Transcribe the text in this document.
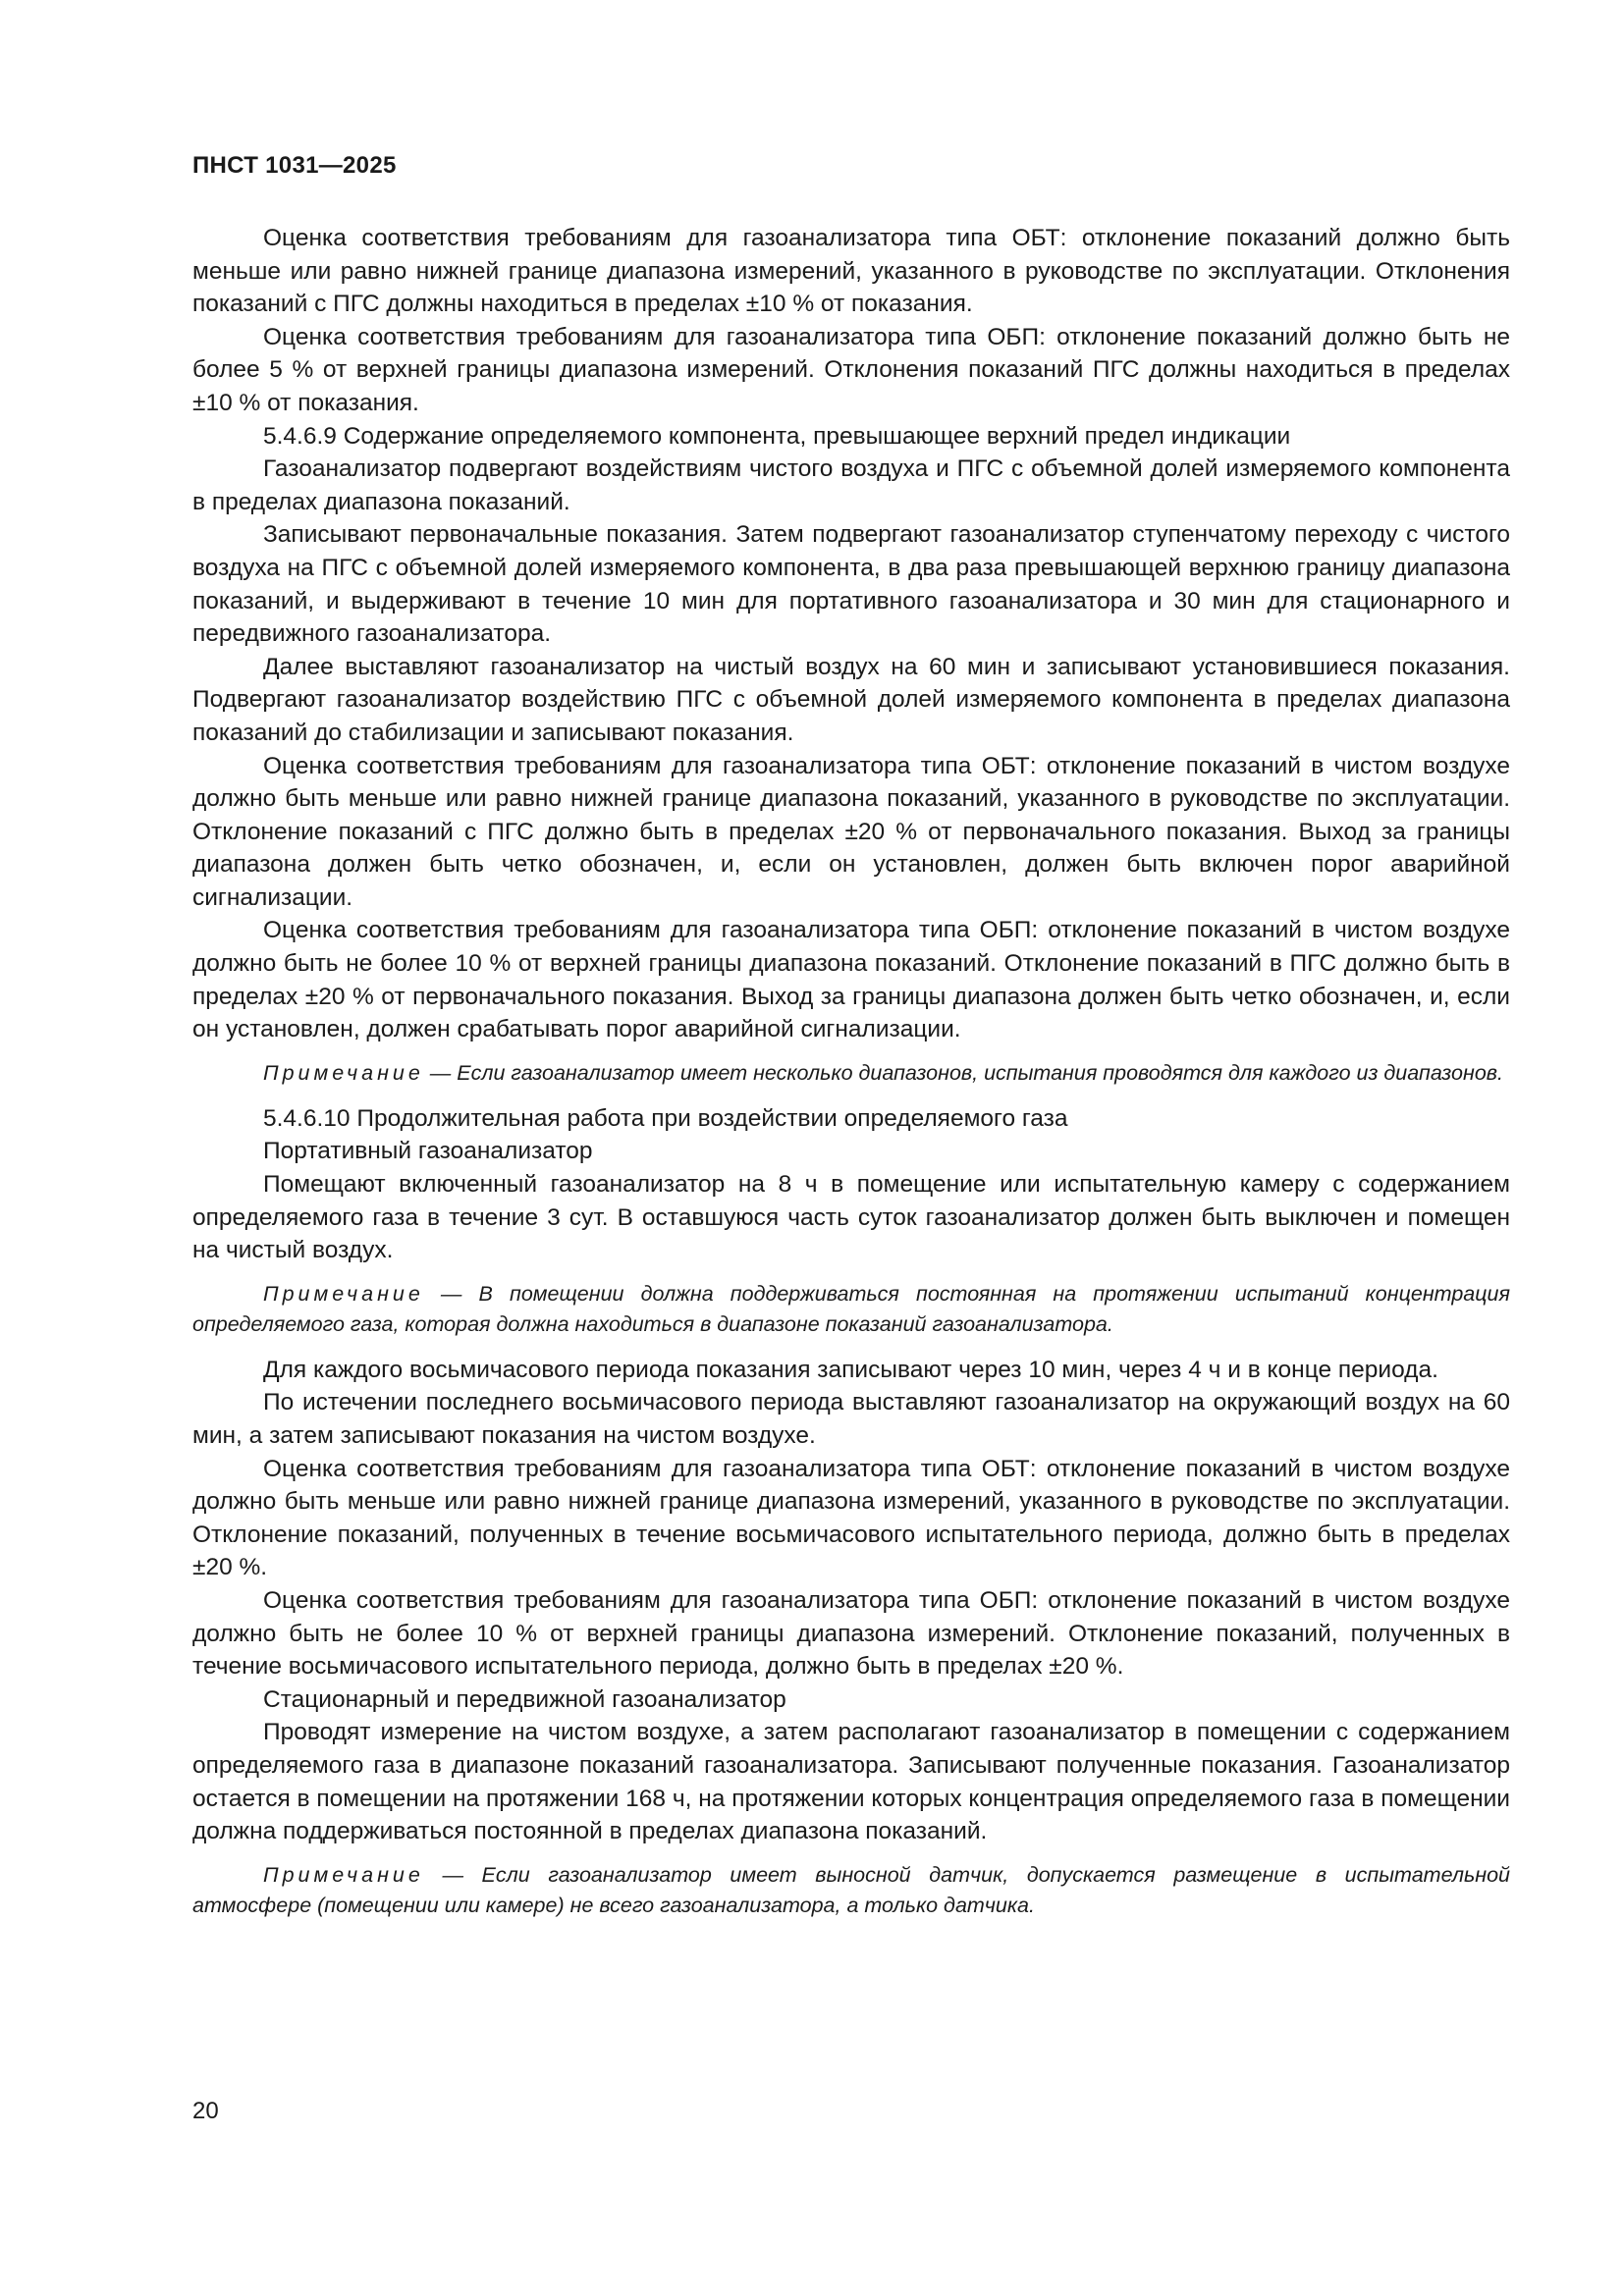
ПНСТ 1031—2025

Оценка соответствия требованиям для газоанализатора типа ОБТ: отклонение показаний должно быть меньше или равно нижней границе диапазона измерений, указанного в руководстве по эксплуатации. Отклонения показаний с ПГС должны находиться в пределах ±10 % от показания.

Оценка соответствия требованиям для газоанализатора типа ОБП: отклонение показаний должно быть не более 5 % от верхней границы диапазона измерений. Отклонения показаний ПГС должны находиться в пределах ±10 % от показания.

5.4.6.9 Содержание определяемого компонента, превышающее верхний предел индикации

Газоанализатор подвергают воздействиям чистого воздуха и ПГС с объемной долей измеряемого компонента в пределах диапазона показаний.

Записывают первоначальные показания. Затем подвергают газоанализатор ступенчатому переходу с чистого воздуха на ПГС с объемной долей измеряемого компонента, в два раза превышающей верхнюю границу диапазона показаний, и выдерживают в течение 10 мин для портативного газоанализатора и 30 мин для стационарного и передвижного газоанализатора.

Далее выставляют газоанализатор на чистый воздух на 60 мин и записывают установившиеся показания. Подвергают газоанализатор воздействию ПГС с объемной долей измеряемого компонента в пределах диапазона показаний до стабилизации и записывают показания.

Оценка соответствия требованиям для газоанализатора типа ОБТ: отклонение показаний в чистом воздухе должно быть меньше или равно нижней границе диапазона показаний, указанного в руководстве по эксплуатации. Отклонение показаний с ПГС должно быть в пределах ±20 % от первоначального показания. Выход за границы диапазона должен быть четко обозначен, и, если он установлен, должен быть включен порог аварийной сигнализации.

Оценка соответствия требованиям для газоанализатора типа ОБП: отклонение показаний в чистом воздухе должно быть не более 10 % от верхней границы диапазона показаний. Отклонение показаний в ПГС должно быть в пределах ±20 % от первоначального показания. Выход за границы диапазона должен быть четко обозначен, и, если он установлен, должен срабатывать порог аварийной сигнализации.

Примечание — Если газоанализатор имеет несколько диапазонов, испытания проводятся для каждого из диапазонов.

5.4.6.10 Продолжительная работа при воздействии определяемого газа

Портативный газоанализатор

Помещают включенный газоанализатор на 8 ч в помещение или испытательную камеру с содержанием определяемого газа в течение 3 сут. В оставшуюся часть суток газоанализатор должен быть выключен и помещен на чистый воздух.

Примечание — В помещении должна поддерживаться постоянная на протяжении испытаний концентрация определяемого газа, которая должна находиться в диапазоне показаний газоанализатора.

Для каждого восьмичасового периода показания записывают через 10 мин, через 4 ч и в конце периода.

По истечении последнего восьмичасового периода выставляют газоанализатор на окружающий воздух на 60 мин, а затем записывают показания на чистом воздухе.

Оценка соответствия требованиям для газоанализатора типа ОБТ: отклонение показаний в чистом воздухе должно быть меньше или равно нижней границе диапазона измерений, указанного в руководстве по эксплуатации. Отклонение показаний, полученных в течение восьмичасового испытательного периода, должно быть в пределах ±20 %.

Оценка соответствия требованиям для газоанализатора типа ОБП: отклонение показаний в чистом воздухе должно быть не более 10 % от верхней границы диапазона измерений. Отклонение показаний, полученных в течение восьмичасового испытательного периода, должно быть в пределах ±20 %.

Стационарный и передвижной газоанализатор

Проводят измерение на чистом воздухе, а затем располагают газоанализатор в помещении с содержанием определяемого газа в диапазоне показаний газоанализатора. Записывают полученные показания. Газоанализатор остается в помещении на протяжении 168 ч, на протяжении которых концентрация определяемого газа в помещении должна поддерживаться постоянной в пределах диапазона показаний.

Примечание — Если газоанализатор имеет выносной датчик, допускается размещение в испытательной атмосфере (помещении или камере) не всего газоанализатора, а только датчика.

20
